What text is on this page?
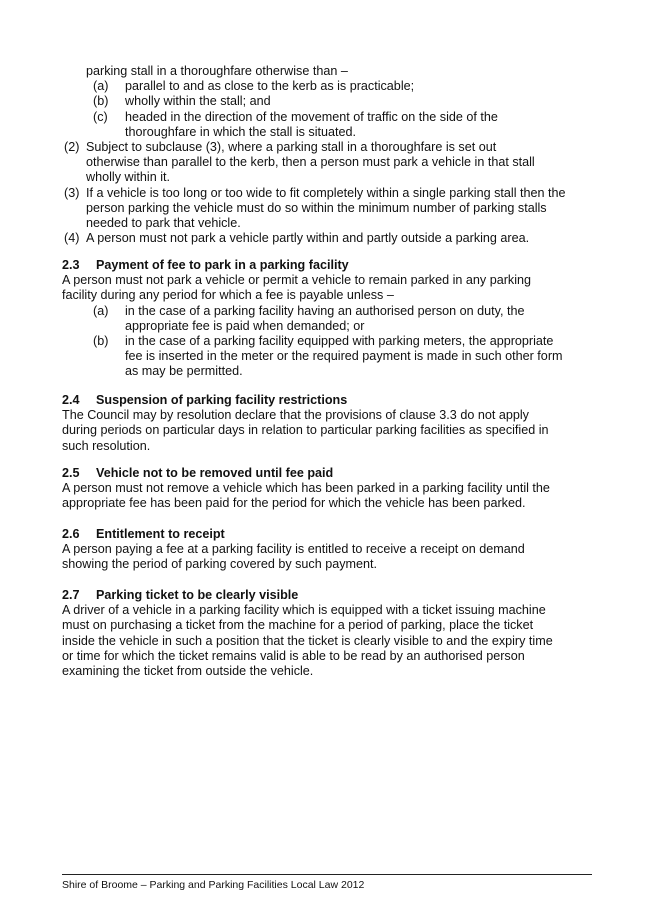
parking stall in a thoroughfare otherwise than –
(a) parallel to and as close to the kerb as is practicable;
(b) wholly within the stall; and
(c) headed in the direction of the movement of traffic on the side of the
thoroughfare in which the stall is situated.
(2) Subject to subclause (3), where a parking stall in a thoroughfare is set out
otherwise than parallel to the kerb, then a person must park a vehicle in that stall
wholly within it.
(3) If a vehicle is too long or too wide to fit completely within a single parking stall then the
person parking the vehicle must do so within the minimum number of parking stalls
needed to park that vehicle.
(4) A person must not park a vehicle partly within and partly outside a parking area.
2.3 Payment of fee to park in a parking facility
A person must not park a vehicle or permit a vehicle to remain parked in any parking
facility during any period for which a fee is payable unless –
(a) in the case of a parking facility having an authorised person on duty, the
appropriate fee is paid when demanded; or
(b) in the case of a parking facility equipped with parking meters, the appropriate
fee is inserted in the meter or the required payment is made in such other form
as may be permitted.
2.4 Suspension of parking facility restrictions
The Council may by resolution declare that the provisions of clause 3.3 do not apply
during periods on particular days in relation to particular parking facilities as specified in
such resolution.
2.5 Vehicle not to be removed until fee paid
A person must not remove a vehicle which has been parked in a parking facility until the
appropriate fee has been paid for the period for which the vehicle has been parked.
2.6 Entitlement to receipt
A person paying a fee at a parking facility is entitled to receive a receipt on demand
showing the period of parking covered by such payment.
2.7 Parking ticket to be clearly visible
A driver of a vehicle in a parking facility which is equipped with a ticket issuing machine
must on purchasing a ticket from the machine for a period of parking, place the ticket
inside the vehicle in such a position that the ticket is clearly visible to and the expiry time
or time for which the ticket remains valid is able to be read by an authorised person
examining the ticket from outside the vehicle.
Shire of Broome – Parking and Parking Facilities Local Law 2012
